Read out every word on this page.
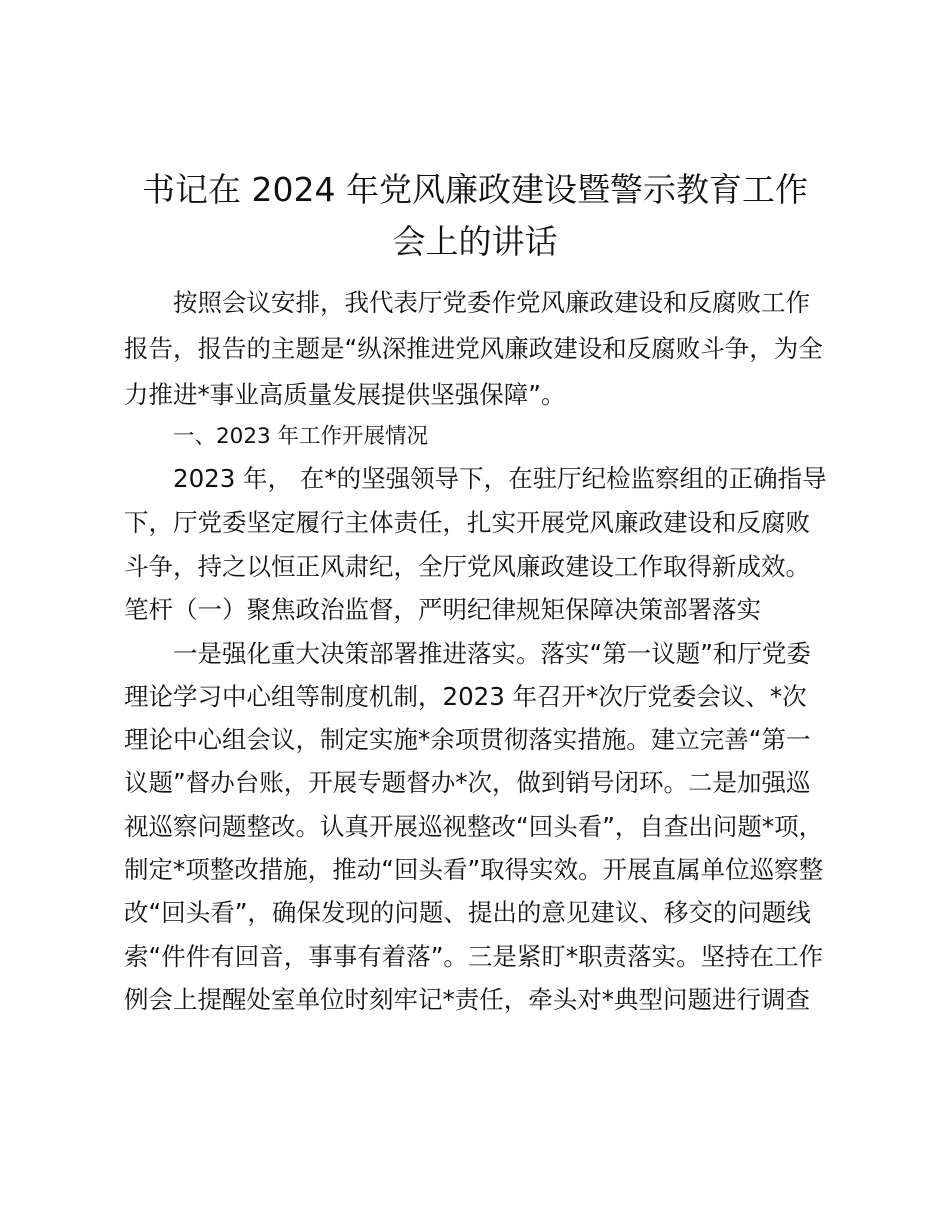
书记在 2024 年党风廉政建设暨警示教育工作
会上的讲话

按照会议安排，我代表厅党委作党风廉政建设和反腐败工作

报告，报告的主题是“纵深推进党风廉政建设和反腐败斗争，为全

力推进*事业高质量发展提供坚强保障”。

一、2023 年工作开展情况

2023 年， 在*的坚强领导下，在驻厅纪检监察组的正确指导

下，厅党委坚定履行主体责任，扎实开展党风廉政建设和反腐败

斗争，持之以恒正风肃纪，全厅党风廉政建设工作取得新成效。

笔杆（一）聚焦政治监督，严明纪律规矩保障决策部署落实

一是强化重大决策部署推进落实。落实“第一议题”和厅党委

理论学习中心组等制度机制，2023 年召开*次厅党委会议、*次

理论中心组会议，制定实施*余项贯彻落实措施。建立完善“第一

议题”督办台账，开展专题督办*次，做到销号闭环。二是加强巡

视巡察问题整改。认真开展巡视整改“回头看”，自查出问题*项，

制定*项整改措施，推动“回头看”取得实效。开展直属单位巡察整

改“回头看”，确保发现的问题、提出的意见建议、移交的问题线

索“件件有回音，事事有着落”。三是紧盯*职责落实。坚持在工作

例会上提醒处室单位时刻牢记*责任，牵头对*典型问题进行调查
